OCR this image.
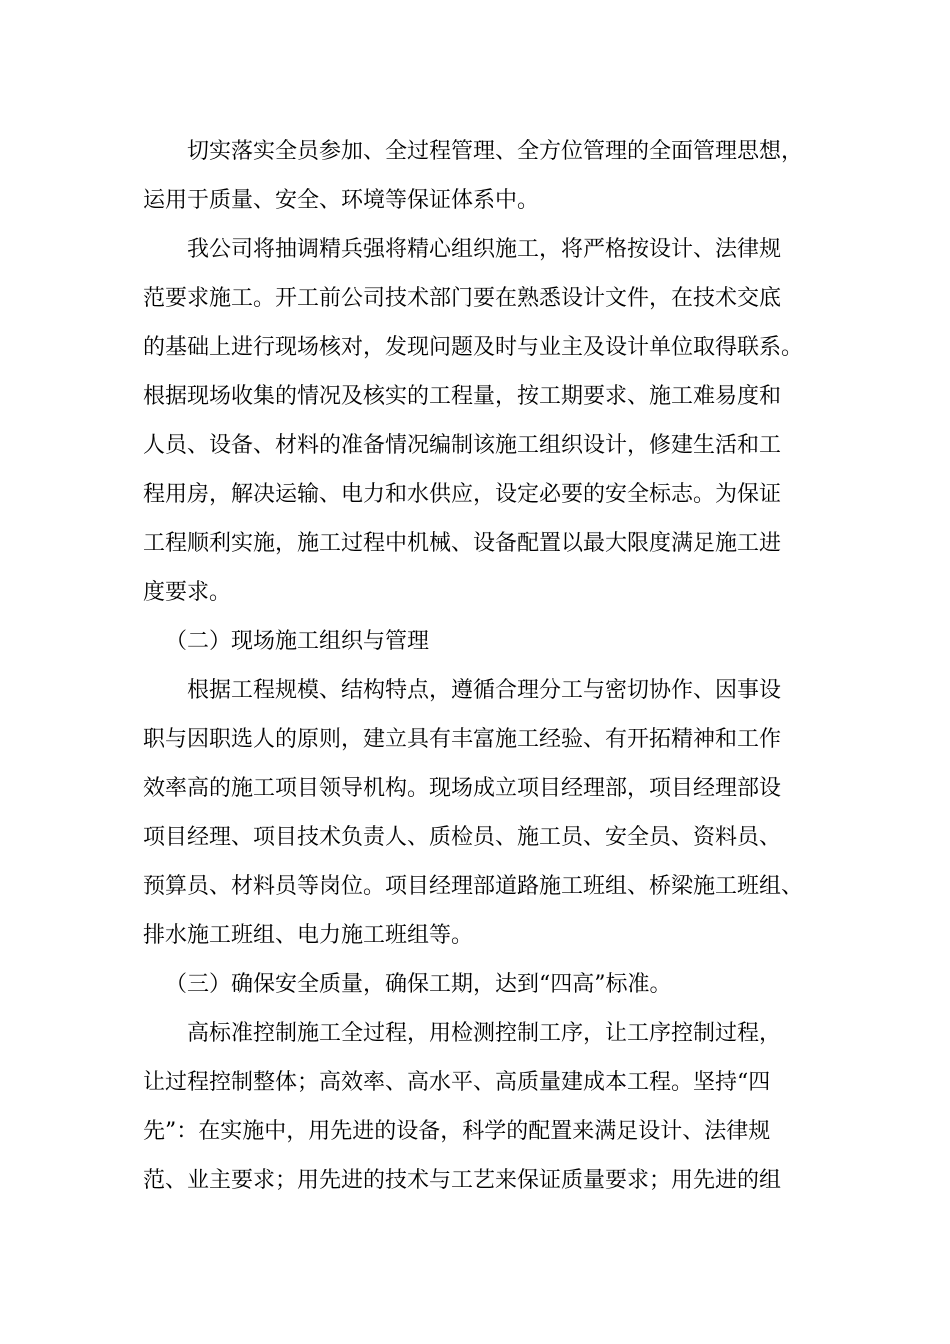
切实落实全员参加、全过程管理、全方位管理的全面管理思想，
运用于质量、安全、环境等保证体系中。
我公司将抽调精兵强将精心组织施工，将严格按设计、法律规
范要求施工。开工前公司技术部门要在熟悉设计文件，在技术交底
的基础上进行现场核对，发现问题及时与业主及设计单位取得联系。
根据现场收集的情况及核实的工程量，按工期要求、施工难易度和
人员、设备、材料的准备情况编制该施工组织设计，修建生活和工
程用房，解决运输、电力和水供应，设定必要的安全标志。为保证
工程顺利实施，施工过程中机械、设备配置以最大限度满足施工进
度要求。
（二）现场施工组织与管理
根据工程规模、结构特点，遵循合理分工与密切协作、因事设
职与因职选人的原则，建立具有丰富施工经验、有开拓精神和工作
效率高的施工项目领导机构。现场成立项目经理部，项目经理部设
项目经理、项目技术负责人、质检员、施工员、安全员、资料员、
预算员、材料员等岗位。项目经理部道路施工班组、桥梁施工班组、
排水施工班组、电力施工班组等。
（三）确保安全质量，确保工期，达到“四高”标准。
高标准控制施工全过程，用检测控制工序，让工序控制过程，
让过程控制整体；高效率、高水平、高质量建成本工程。坚持“四
先”：在实施中，用先进的设备，科学的配置来满足设计、法律规
范、业主要求；用先进的技术与工艺来保证质量要求；用先进的组
